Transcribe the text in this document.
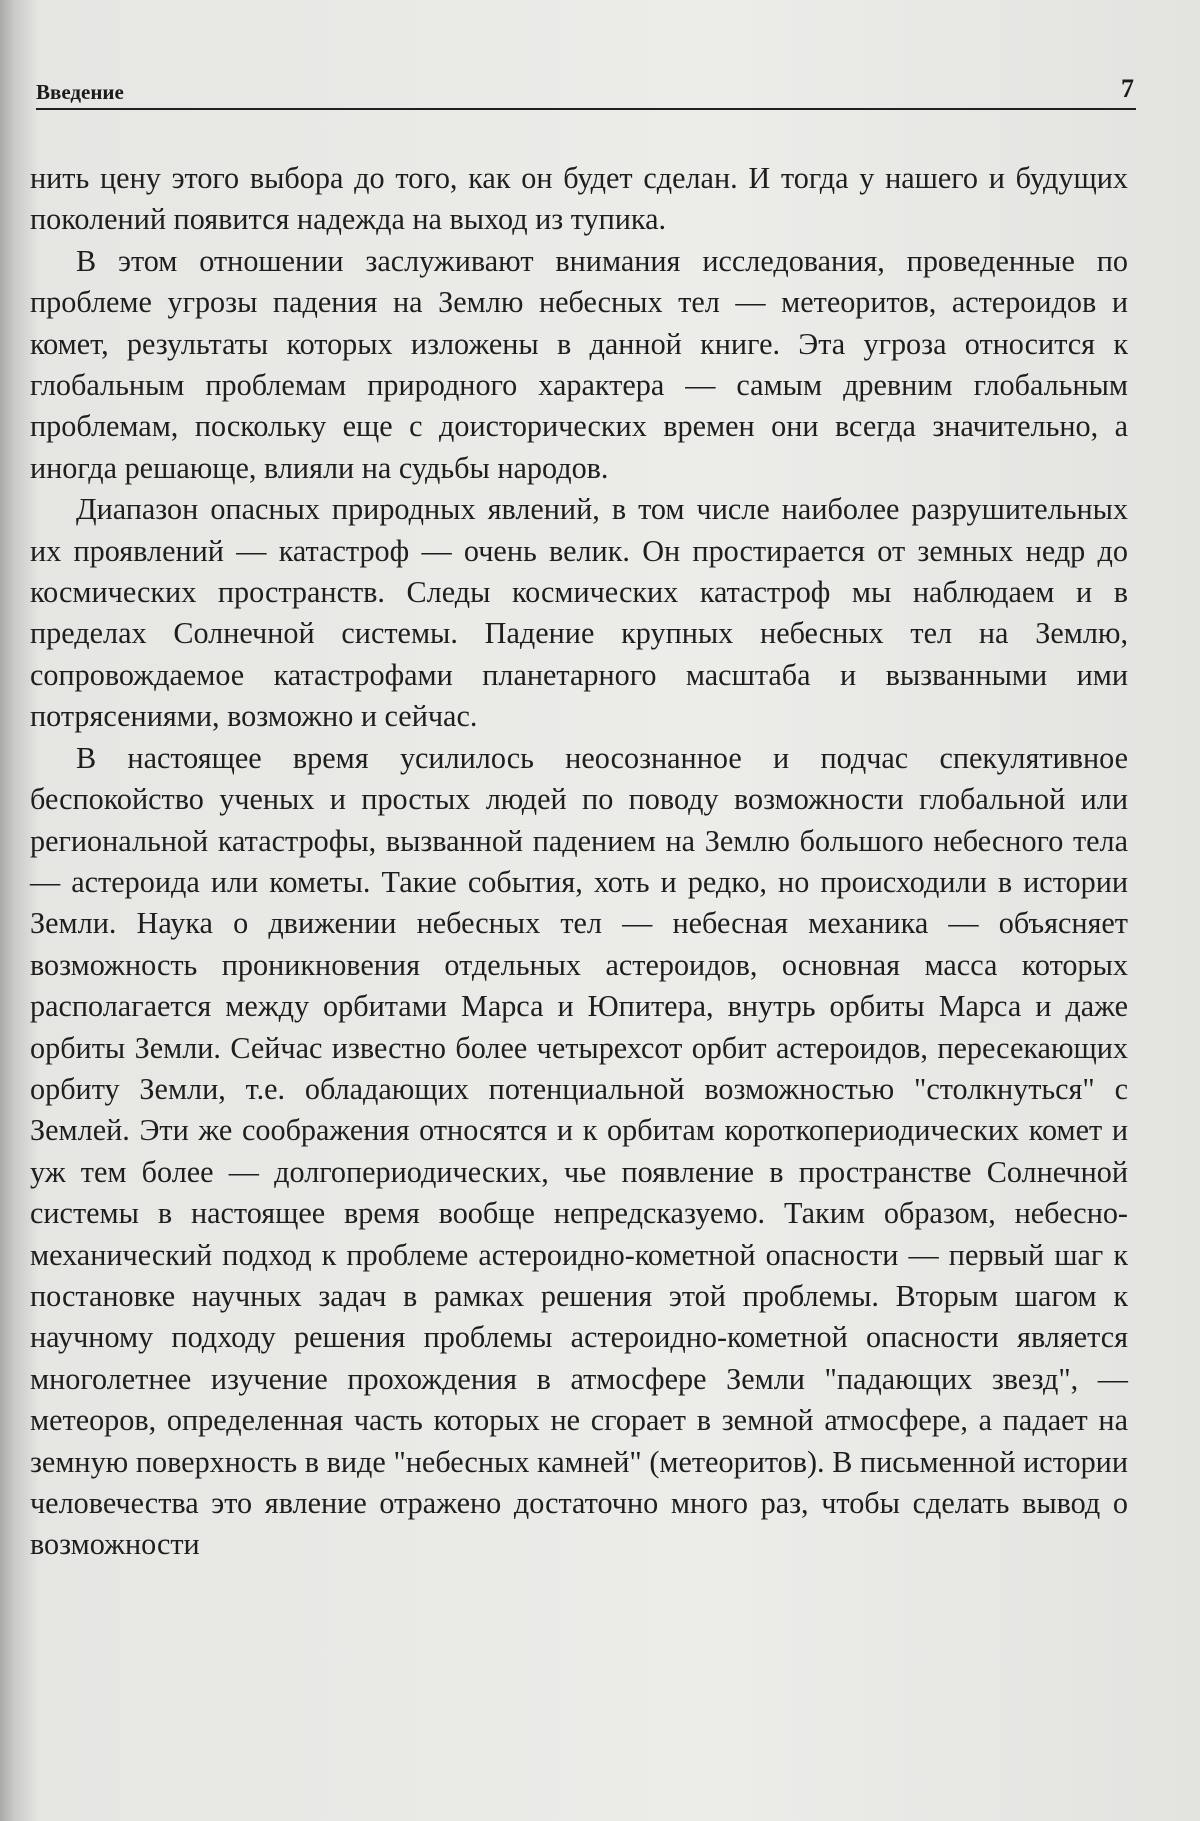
Введение	7

нить цену этого выбора до того, как он будет сделан. И тогда у нашего и будущих поколений появится надежда на выход из тупика.

В этом отношении заслуживают внимания исследования, проведенные по проблеме угрозы падения на Землю небесных тел — метеоритов, астероидов и комет, результаты которых изложены в данной книге. Эта угроза относится к глобальным проблемам природного характера — самым древним глобальным проблемам, поскольку еще с доисторических времен они всегда значительно, а иногда решающе, влияли на судьбы народов.

Диапазон опасных природных явлений, в том числе наиболее разрушительных их проявлений — катастроф — очень велик. Он простирается от земных недр до космических пространств. Следы космических катастроф мы наблюдаем и в пределах Солнечной системы. Падение крупных небесных тел на Землю, сопровождаемое катастрофами планетарного масштаба и вызванными ими потрясениями, возможно и сейчас.

В настоящее время усилилось неосознанное и подчас спекулятивное беспокойство ученых и простых людей по поводу возможности глобальной или региональной катастрофы, вызванной падением на Землю большого небесного тела — астероида или кометы. Такие события, хоть и редко, но происходили в истории Земли. Наука о движении небесных тел — небесная механика — объясняет возможность проникновения отдельных астероидов, основная масса которых располагается между орбитами Марса и Юпитера, внутрь орбиты Марса и даже орбиты Земли. Сейчас известно более четырехсот орбит астероидов, пересекающих орбиту Земли, т.е. обладающих потенциальной возможностью "столкнуться" с Землей. Эти же соображения относятся и к орбитам короткопериодических комет и уж тем более — долгопериодических, чье появление в пространстве Солнечной системы в настоящее время вообще непредсказуемо. Таким образом, небесно-механический подход к проблеме астероидно-кометной опасности — первый шаг к постановке научных задач в рамках решения этой проблемы. Вторым шагом к научному подходу решения проблемы астероидно-кометной опасности является многолетнее изучение прохождения в атмосфере Земли "падающих звезд", — метеоров, определенная часть которых не сгорает в земной атмосфере, а падает на земную поверхность в виде "небесных камней" (метеоритов). В письменной истории человечества это явление отражено достаточно много раз, чтобы сделать вывод о возможности
